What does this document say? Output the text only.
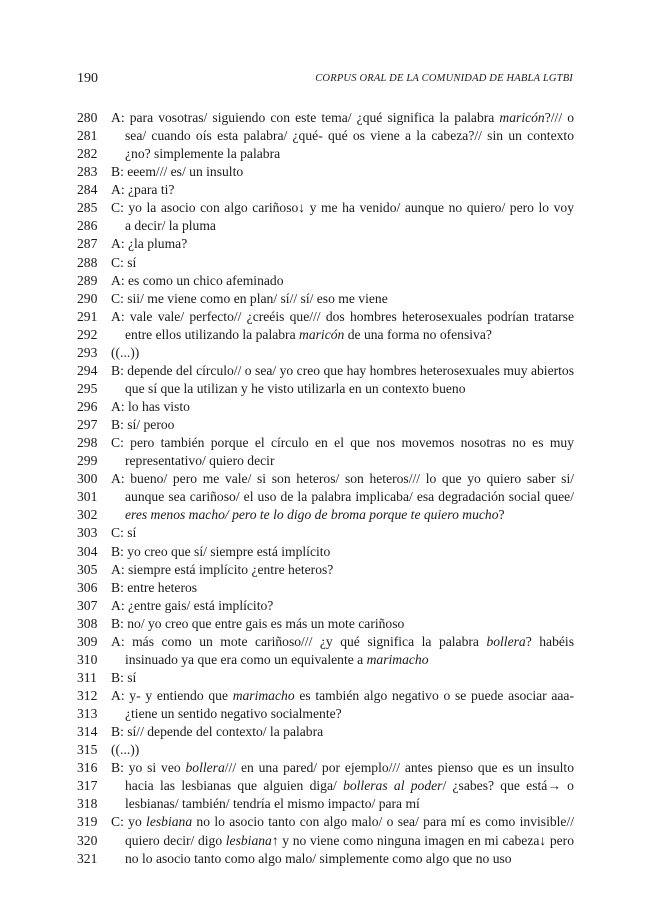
190	CORPUS ORAL DE LA COMUNIDAD DE HABLA LGTBI
280	A: para vosotras/ siguiendo con este tema/ ¿qué significa la palabra maricón?/// o
281	sea/ cuando oís esta palabra/ ¿qué- qué os viene a la cabeza?// sin un contexto
282	¿no? simplemente la palabra
283	B: eeem/// es/ un insulto
284	A: ¿para ti?
285	C: yo la asocio con algo cariñoso↓ y me ha venido/ aunque no quiero/ pero lo voy
286	a decir/ la pluma
287	A: ¿la pluma?
288	C: sí
289	A: es como un chico afeminado
290	C: sii/ me viene como en plan/ sí// sí/ eso me viene
291	A: vale vale/ perfecto// ¿creéis que/// dos hombres heterosexuales podrían tratarse
292	entre ellos utilizando la palabra maricón de una forma no ofensiva?
293	((...))
294	B: depende del círculo// o sea/ yo creo que hay hombres heterosexuales muy abiertos
295	que sí que la utilizan y he visto utilizarla en un contexto bueno
296	A: lo has visto
297	B: sí/ peroo
298	C: pero también porque el círculo en el que nos movemos nosotras no es muy
299	representativo/ quiero decir
300	A: bueno/ pero me vale/ si son heteros/ son heteros/// lo que yo quiero saber si/
301	aunque sea cariñoso/ el uso de la palabra implicaba/ esa degradación social quee/
302	eres menos macho/ pero te lo digo de broma porque te quiero mucho?
303	C: sí
304	B: yo creo que sí/ siempre está implícito
305	A: siempre está implícito ¿entre heteros?
306	B: entre heteros
307	A: ¿entre gais/ está implícito?
308	B: no/ yo creo que entre gais es más un mote cariñoso
309	A: más como un mote cariñoso/// ¿y qué significa la palabra bollera? habéis
310	insinuado ya que era como un equivalente a marimacho
311	B: sí
312	A: y- y entiendo que marimacho es también algo negativo o se puede asociar aaa-
313	¿tiene un sentido negativo socialmente?
314	B: sí// depende del contexto/ la palabra
315	((...))
316	B: yo si veo bollera/// en una pared/ por ejemplo/// antes pienso que es un insulto
317	hacia las lesbianas que alguien diga/ bolleras al poder/ ¿sabes? que está→ o
318	lesbianas/ también/ tendría el mismo impacto/ para mí
319	C: yo lesbiana no lo asocio tanto con algo malo/ o sea/ para mí es como invisible//
320	quiero decir/ digo lesbiana↑ y no viene como ninguna imagen en mi cabeza↓ pero
321	no lo asocio tanto como algo malo/ simplemente como algo que no uso
